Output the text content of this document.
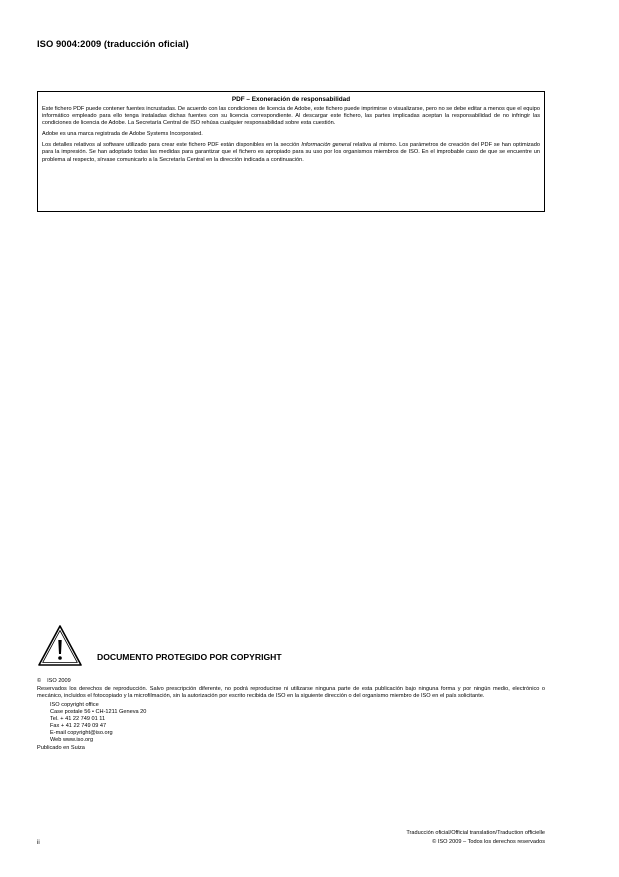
ISO 9004:2009 (traducción oficial)
PDF – Exoneración de responsabilidad

Este fichero PDF puede contener fuentes incrustadas. De acuerdo con las condiciones de licencia de Adobe, este fichero puede imprimirse o visualizarse, pero no se debe editar a menos que el equipo informático empleado para ello tenga instaladas dichas fuentes con su licencia correspondiente. Al descargar este fichero, las partes implicadas aceptan la responsabilidad de no infringir las condiciones de licencia de Adobe. La Secretaría Central de ISO rehúsa cualquier responsabilidad sobre esta cuestión.

Adobe es una marca registrada de Adobe Systems Incorporated.

Los detalles relativos al software utilizado para crear este fichero PDF están disponibles en la sección Información general relativa al mismo. Los parámetros de creación del PDF se han optimizado para la impresión. Se han adoptado todas las medidas para garantizar que el fichero es apropiado para su uso por los organismos miembros de ISO. En el improbable caso de que se encuentre un problema al respecto, sírvase comunicarlo a la Secretaría Central en la dirección indicada a continuación.

DOCUMENTO PROTEGIDO POR COPYRIGHT
© ISO 2009
Reservados los derechos de reproducción. Salvo prescripción diferente, no podrá reproducirse ni utilizarse ninguna parte de esta publicación bajo ninguna forma y por ningún medio, electrónico o mecánico, incluidos el fotocopiado y la microfilmación, sin la autorización por escrito recibida de ISO en la siguiente dirección o del organismo miembro de ISO en el país solicitante.
ISO copyright office
Case postale 56 • CH-1211 Geneva 20
Tel. + 41 22 749 01 11
Fax + 41 22 749 09 47
E-mail copyright@iso.org
Web www.iso.org
Publicado en Suiza
Traducción oficial/Official translation/Traduction officielle
© ISO 2009 – Todos los derechos reservados
ii
